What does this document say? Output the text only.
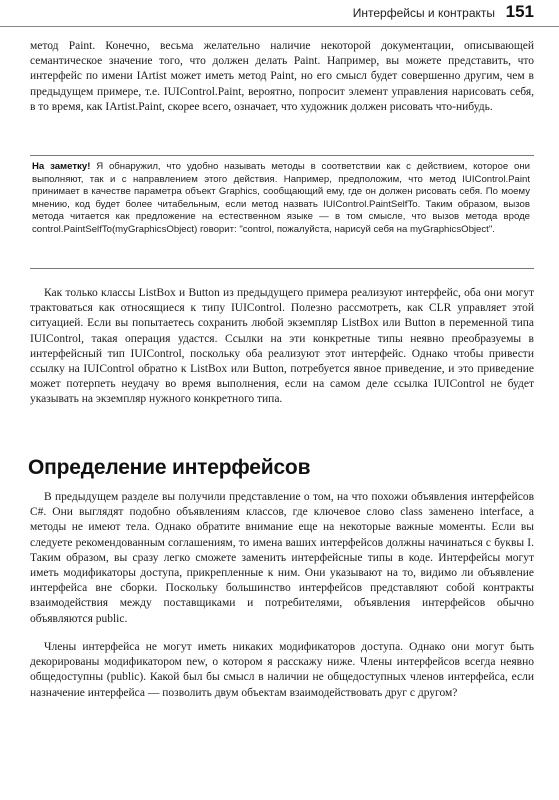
Интерфейсы и контракты 151

метод Paint. Конечно, весьма желательно наличие некоторой документации, описывающей семантическое значение того, что должен делать Paint. Например, вы можете представить, что интерфейс по имени IArtist может иметь метод Paint, но его смысл будет совершенно другим, чем в предыдущем примере, т.е. IUIControl.Paint, вероятно, попросит элемент управления нарисовать себя, в то время, как IArtist.Paint, скорее всего, означает, что художник должен рисовать что-нибудь.

На заметку! Я обнаружил, что удобно называть методы в соответствии как с действием, которое они выполняют, так и с направлением этого действия. Например, предположим, что метод IUIControl.Paint принимает в качестве параметра объект Graphics, сообщающий ему, где он должен рисовать себя. По моему мнению, код будет более читабельным, если метод назвать IUIControl.PaintSelfTo. Таким образом, вызов метода читается как предложение на естественном языке — в том смысле, что вызов метода вроде control.PaintSelfTo(myGraphicsObject) говорит: "control, пожалуйста, нарисуй себя на myGraphicsObject".

Как только классы ListBox и Button из предыдущего примера реализуют интерфейс, оба они могут трактоваться как относящиеся к типу IUIControl. Полезно рассмотреть, как CLR управляет этой ситуацией. Если вы попытаетесь сохранить любой экземпляр ListBox или Button в переменной типа IUIControl, такая операция удастся. Ссылки на эти конкретные типы неявно преобразуемы в интерфейсный тип IUIControl, поскольку оба реализуют этот интерфейс. Однако чтобы привести ссылку на IUIControl обратно к ListBox или Button, потребуется явное приведение, и это приведение может потерпеть неудачу во время выполнения, если на самом деле ссылка IUIControl не будет указывать на экземпляр нужного конкретного типа.

Определение интерфейсов

В предыдущем разделе вы получили представление о том, на что похожи объявления интерфейсов C#. Они выглядят подобно объявлениям классов, где ключевое слово class заменено interface, а методы не имеют тела. Однако обратите внимание еще на некоторые важные моменты. Если вы следуете рекомендованным соглашениям, то имена ваших интерфейсов должны начинаться с буквы I. Таким образом, вы сразу легко сможете заменить интерфейсные типы в коде. Интерфейсы могут иметь модификаторы доступа, прикрепленные к ним. Они указывают на то, видимо ли объявление интерфейса вне сборки. Поскольку большинство интерфейсов представляют собой контракты взаимодействия между поставщиками и потребителями, объявления интерфейсов обычно объявляются public.

Члены интерфейса не могут иметь никаких модификаторов доступа. Однако они могут быть декорированы модификатором new, о котором я расскажу ниже. Члены интерфейсов всегда неявно общедоступны (public). Какой был бы смысл в наличии не общедоступных членов интерфейса, если назначение интерфейса — позволить двум объектам взаимодействовать друг с другом?
